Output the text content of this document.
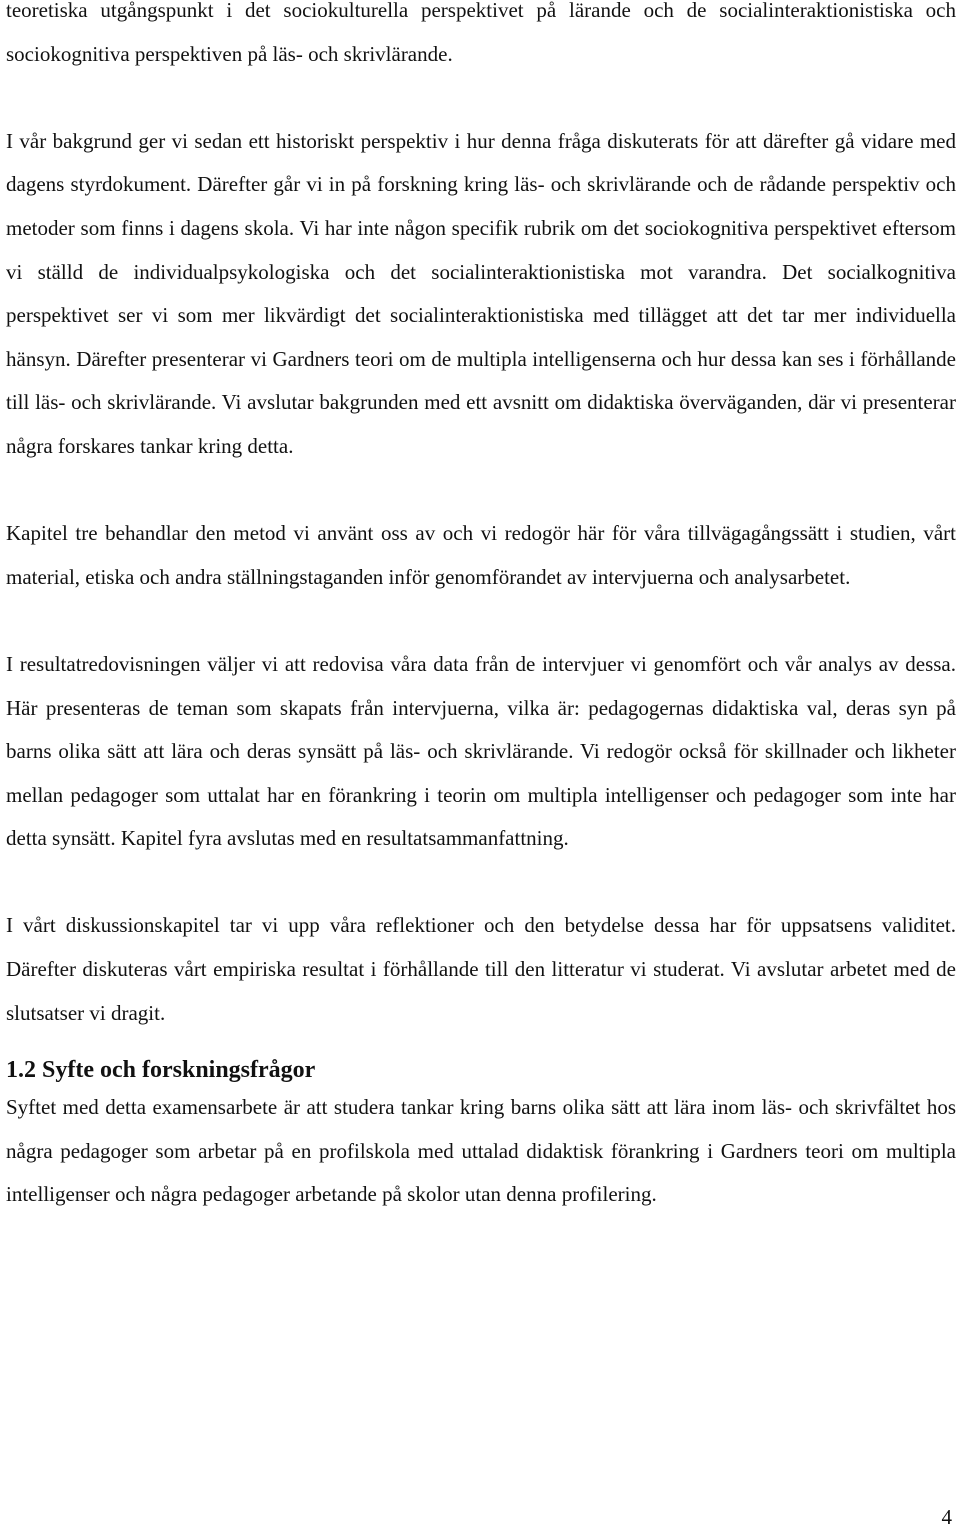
teoretiska utgångspunkt i det sociokulturella perspektivet på lärande och de socialinteraktionistiska och sociokognitiva perspektiven på läs- och skrivlärande.

I vår bakgrund ger vi sedan ett historiskt perspektiv i hur denna fråga diskuterats för att därefter gå vidare med dagens styrdokument. Därefter går vi in på forskning kring läs- och skrivlärande och de rådande perspektiv och metoder som finns i dagens skola. Vi har inte någon specifik rubrik om det sociokognitiva perspektivet eftersom vi ställd de individualpsykologiska och det socialinteraktionistiska mot varandra. Det socialkognitiva perspektivet ser vi som mer likvärdigt det socialinteraktionistiska med tillägget att det tar mer individuella hänsyn. Därefter presenterar vi Gardners teori om de multipla intelligenserna och hur dessa kan ses i förhållande till läs- och skrivlärande. Vi avslutar bakgrunden med ett avsnitt om didaktiska överväganden, där vi presenterar några forskares tankar kring detta.

Kapitel tre behandlar den metod vi använt oss av och vi redogör här för våra tillvägagångssätt i studien, vårt material, etiska och andra ställningstaganden inför genomförandet av intervjuerna och analysarbetet.

I resultatredovisningen väljer vi att redovisa våra data från de intervjuer vi genomfört och vår analys av dessa. Här presenteras de teman som skapats från intervjuerna, vilka är: pedagogernas didaktiska val, deras syn på barns olika sätt att lära och deras synsätt på läs- och skrivlärande. Vi redogör också för skillnader och likheter mellan pedagoger som uttalat har en förankring i teorin om multipla intelligenser och pedagoger som inte har detta synsätt. Kapitel fyra avslutas med en resultatsammanfattning.

I vårt diskussionskapitel tar vi upp våra reflektioner och den betydelse dessa har för uppsatsens validitet. Därefter diskuteras vårt empiriska resultat i förhållande till den litteratur vi studerat. Vi avslutar arbetet med de slutsatser vi dragit.

1.2 Syfte och forskningsfrågor

Syftet med detta examensarbete är att studera tankar kring barns olika sätt att lära inom läs- och skrivfältet hos några pedagoger som arbetar på en profilskola med uttalad didaktisk förankring i Gardners teori om multipla intelligenser och några pedagoger arbetande på skolor utan denna profilering.

4
